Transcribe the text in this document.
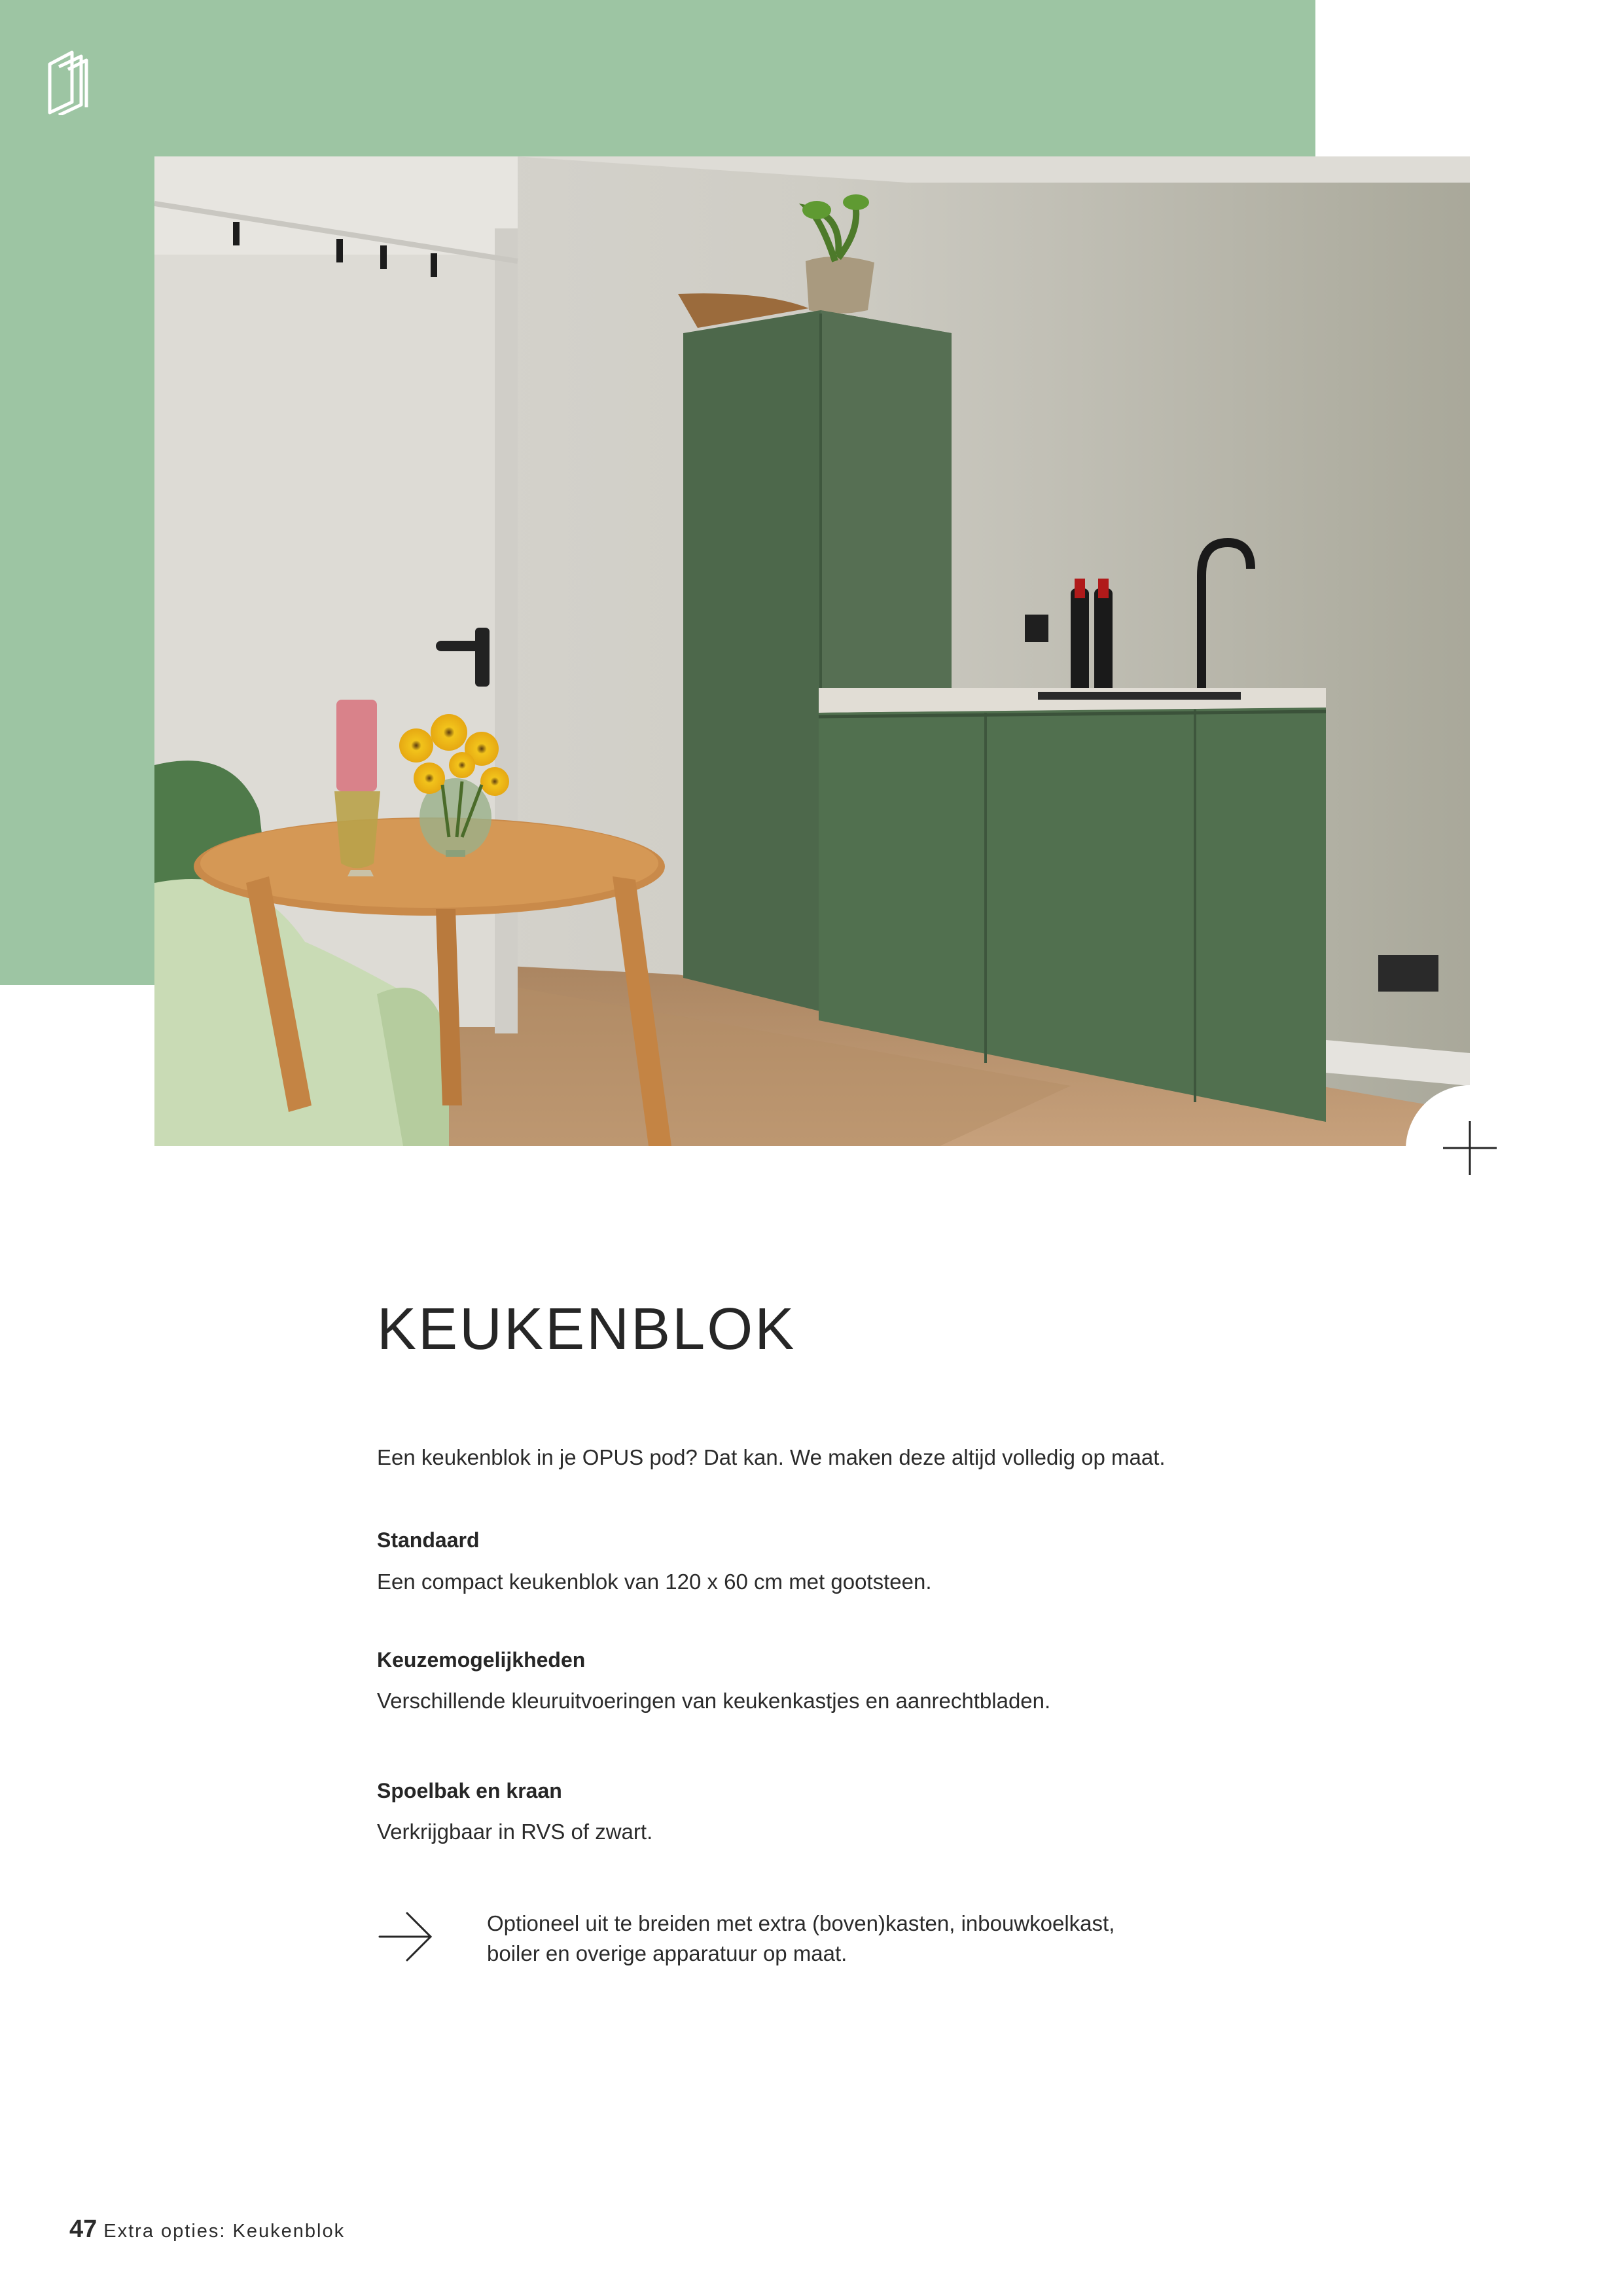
KEUKENBLOK

Een keukenblok in je OPUS pod? Dat kan. We maken deze altijd volledig op maat.

Standaard

Een compact keukenblok van 120 x 60 cm met gootsteen.

Keuzemogelijkheden

Verschillende kleuruitvoeringen van keukenkastjes en aanrechtbladen.

Spoelbak en kraan

Verkrijgbaar in RVS of zwart.

Optioneel uit te breiden met extra (boven)kasten, inbouwkoelkast,
boiler en overige apparatuur op maat.

47 Extra opties: Keukenblok
